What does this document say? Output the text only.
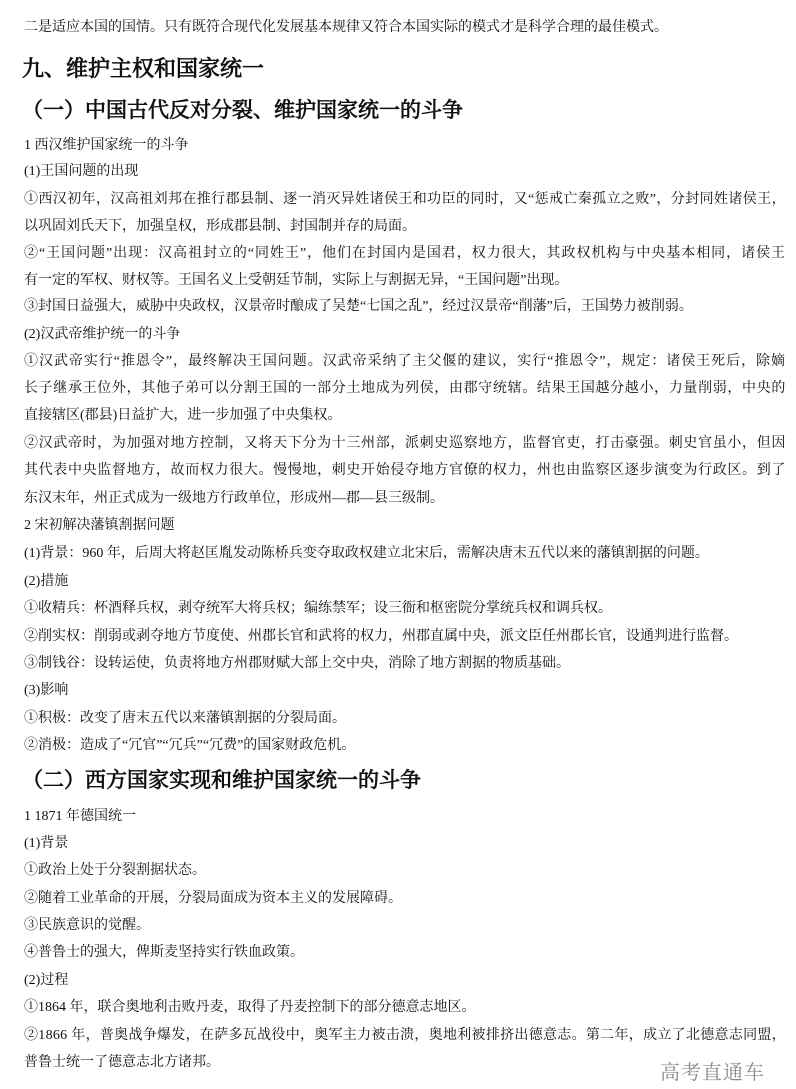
二是适应本国的国情。只有既符合现代化发展基本规律又符合本国实际的模式才是科学合理的最佳模式。
九、维护主权和国家统一
（一）中国古代反对分裂、维护国家统一的斗争
1 西汉维护国家统一的斗争
(1)王国问题的出现
①西汉初年，汉高祖刘邦在推行郡县制、逐一消灭异姓诸侯王和功臣的同时，又“惩戒亡秦孤立之败”，分封同姓诸侯王，
以巩固刘氏天下，加强皇权，形成郡县制、封国制并存的局面。
②“王国问题”出现：汉高祖封立的“同姓王”，他们在封国内是国君，权力很大，其政权机构与中央基本相同，诸侯王
有一定的军权、财权等。王国名义上受朝廷节制，实际上与割据无异，“王国问题”出现。
③封国日益强大，威胁中央政权，汉景帝时酿成了吴楚“七国之乱”，经过汉景帝“削藩”后，王国势力被削弱。
(2)汉武帝维护统一的斗争
①汉武帝实行“推恩令”，最终解决王国问题。汉武帝采纳了主父偃的建议，实行“推恩令”，规定：诸侯王死后，除嫡
长子继承王位外，其他子弟可以分割王国的一部分土地成为列侯，由郡守统辖。结果王国越分越小，力量削弱，中央的
直接辖区(郡县)日益扩大，进一步加强了中央集权。
②汉武帝时，为加强对地方控制，又将天下分为十三州部，派刺史巡察地方，监督官吏，打击豪强。刺史官虽小，但因
其代表中央监督地方，故而权力很大。慢慢地，刺史开始侵夺地方官僚的权力，州也由监察区逐步演变为行政区。到了
东汉末年，州正式成为一级地方行政单位，形成州—郡—县三级制。
2 宋初解决藩镇割据问题
(1)背景：960 年，后周大将赵匡胤发动陈桥兵变夺取政权建立北宋后，需解决唐末五代以来的藩镇割据的问题。
(2)措施
①收精兵：杯酒释兵权，剥夺统军大将兵权；编练禁军；设三衙和枢密院分掌统兵权和调兵权。
②削实权：削弱或剥夺地方节度使、州郡长官和武将的权力，州郡直属中央，派文臣任州郡长官，设通判进行监督。
③制钱谷：设转运使，负责将地方州郡财赋大部上交中央，消除了地方割据的物质基础。
(3)影响
①积极：改变了唐末五代以来藩镇割据的分裂局面。
②消极：造成了“冗官”“冗兵”“冗费”的国家财政危机。
（二）西方国家实现和维护国家统一的斗争
1 1871 年德国统一
(1)背景
①政治上处于分裂割据状态。
②随着工业革命的开展，分裂局面成为资本主义的发展障碍。
③民族意识的觉醒。
④普鲁士的强大，俾斯麦坚持实行铁血政策。
(2)过程
①1864 年，联合奥地利击败丹麦，取得了丹麦控制下的部分德意志地区。
②1866 年，普奥战争爆发，在萨多瓦战役中，奥军主力被击溃，奥地利被排挤出德意志。第二年，成立了北德意志同盟，
普鲁士统一了德意志北方诸邦。	高考直通车
